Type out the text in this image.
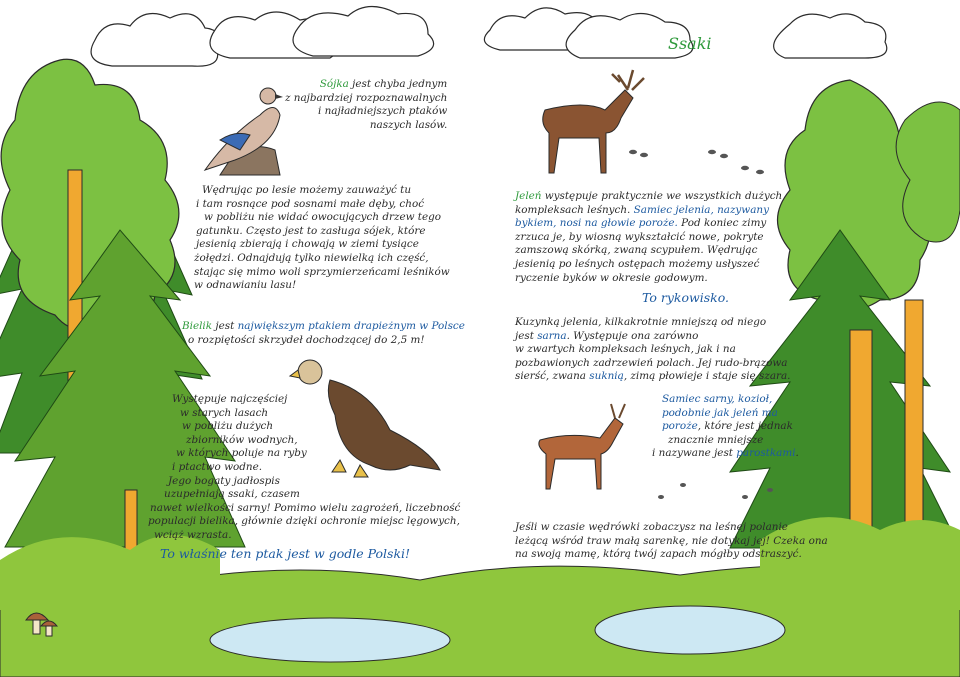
Ssaki
Sójka jest chyba jednym
z najbardziej rozpoznawalnych
i najładniejszych ptaków
naszych lasów.
Wędrując po lesie możemy zauważyć tu
i tam rosnące pod sosnami małe dęby, choć
w pobliżu nie widać owocujących drzew tego
gatunku. Często jest to zasługa sójek, które
jesienią zbierają i chowają w ziemi tysiące
żołędzi. Odnajdują tylko niewielką ich część,
stając się mimo woli sprzymierzeńcami leśników
w odnawianiu lasu!
Bielik jest największym ptakiem drapieżnym w Polsce
o rozpiętości skrzydeł dochodzącej do 2,5 m!
Występuje najczęściej
w starych lasach
w pobliżu dużych
zbiorników wodnych,
w których poluje na ryby
i ptactwo wodne.
Jego bogaty jadłospis
uzupełniają ssaki, czasem
nawet wielkości sarny! Pomimo wielu zagrożeń, liczebność
populacji bielika, głównie dzięki ochronie miejsc lęgowych,
wciąż wzrasta.
To właśnie ten ptak jest w godle Polski!
Jeleń występuje praktycznie we wszystkich dużych
kompleksach leśnych. Samiec jelenia, nazywany
bykiem, nosi na głowie poroże. Pod koniec zimy
zrzuca je, by wiosną wykształcić nowe, pokryte
zamszową skórką, zwaną scypułem. Wędrując
jesienią po leśnych ostępach możemy usłyszeć
ryczenie byków w okresie godowym.
To rykowisko.
Kuzynką jelenia, kilkakrotnie mniejszą od niego
jest sarna. Występuje ona zarówno
w zwartych kompleksach leśnych, jak i na
pozbawionych zadrzewień polach. Jej rudo-brązowa
sierść, zwana suknią, zimą płowieje i staje się szara.
Samiec sarny, kozioł,
podobnie jak jeleń ma
poroże, które jest jednak
znacznie mniejsze
i nazywane jest parostkami.
Jeśli w czasie wędrówki zobaczysz na leśnej polanie
leżącą wśród traw małą sarenkę, nie dotykaj jej! Czeka ona
na swoją mamę, którą twój zapach mógłby odstraszyć.
